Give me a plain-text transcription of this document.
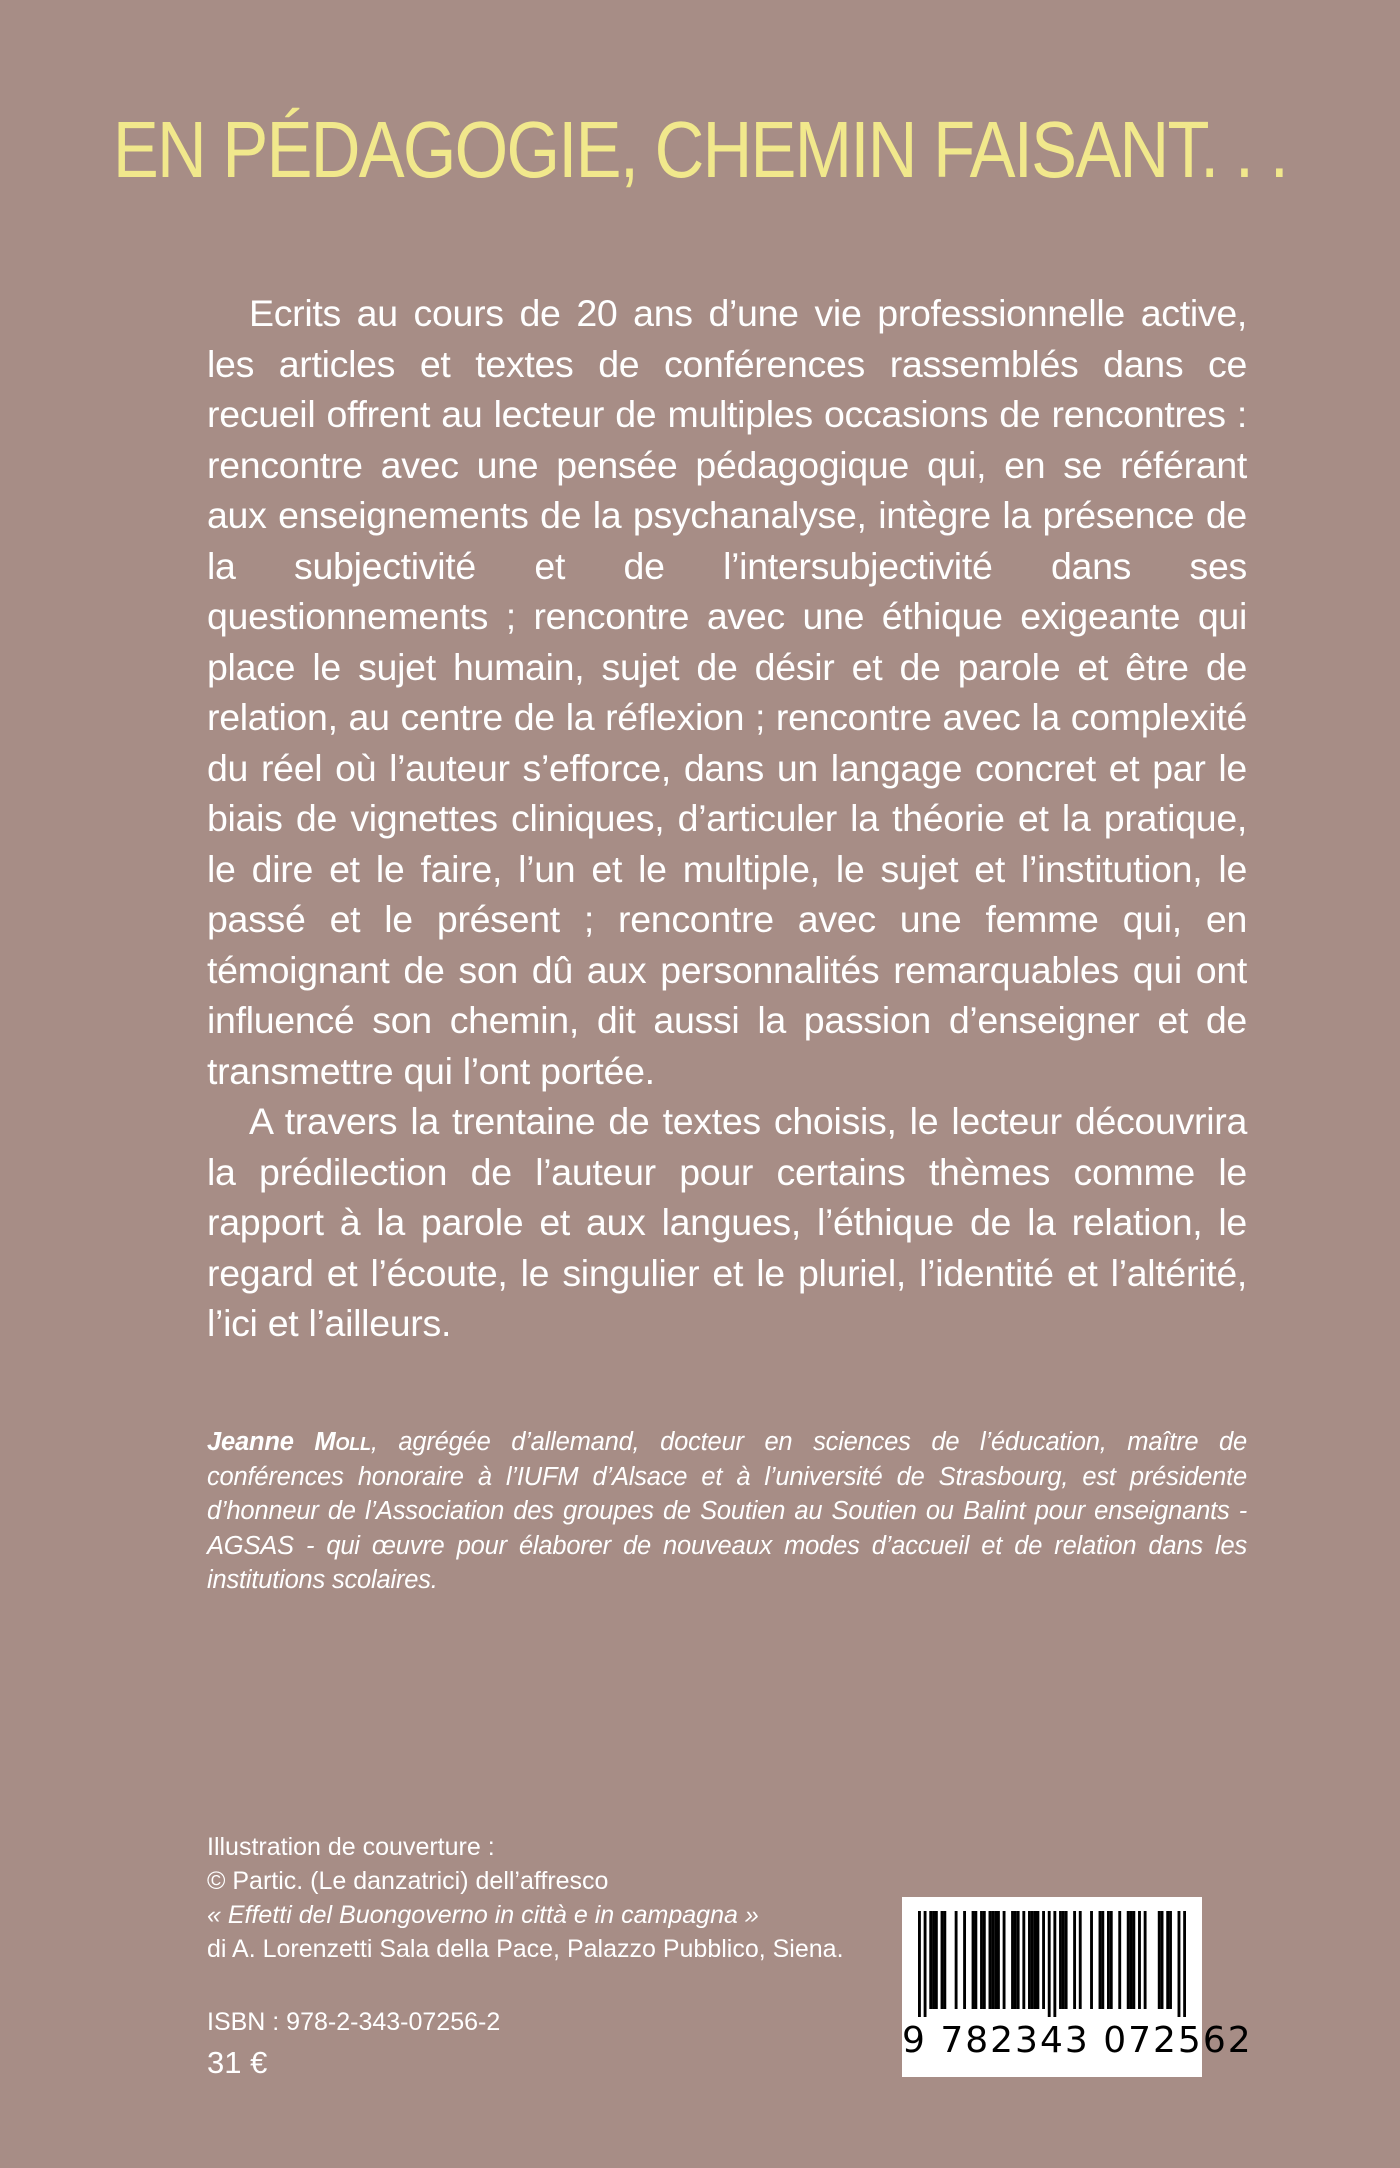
EN PÉDAGOGIE, CHEMIN FAISANT. . .

Ecrits au cours de 20 ans d’une vie professionnelle active, les articles et textes de conférences rassemblés dans ce recueil offrent au lecteur de multiples occasions de rencontres : rencontre avec une pensée pédagogique qui, en se référant aux enseignements de la psychanalyse, intègre la présence de la subjectivité et de l’intersubjectivité dans ses questionnements ; rencontre avec une éthique exigeante qui place le sujet humain, sujet de désir et de parole et être de relation, au centre de la réflexion ; rencontre avec la complexité du réel où l’auteur s’efforce, dans un langage concret et par le biais de vignettes cliniques, d’articuler la théorie et la pratique, le dire et le faire, l’un et le multiple, le sujet et l’institution, le passé et le présent ; rencontre avec une femme qui, en témoignant de son dû aux personnalités remarquables qui ont influencé son chemin, dit aussi la passion d’enseigner et de transmettre qui l’ont portée.

A travers la trentaine de textes choisis, le lecteur découvrira la prédilection de l’auteur pour certains thèmes comme le rapport à la parole et aux langues, l’éthique de la relation, le regard et l’écoute, le singulier et le pluriel, l’identité et l’altérité, l’ici et l’ailleurs.

Jeanne Moll, agrégée d’allemand, docteur en sciences de l’éducation, maître de conférences honoraire à l’IUFM d’Alsace et à l’université de Strasbourg, est présidente d’honneur de l’Association des groupes de Soutien au Soutien ou Balint pour enseignants - AGSAS - qui œuvre pour élaborer de nouveaux modes d’accueil et de relation dans les institutions scolaires.
Illustration de couverture :
© Partic. (Le danzatrici) dell’affresco
« Effetti del Buongoverno in città e in campagna »
di A. Lorenzetti Sala della Pace, Palazzo Pubblico, Siena.
ISBN : 978-2-343-07256-2
31 €
9 782343 072562
